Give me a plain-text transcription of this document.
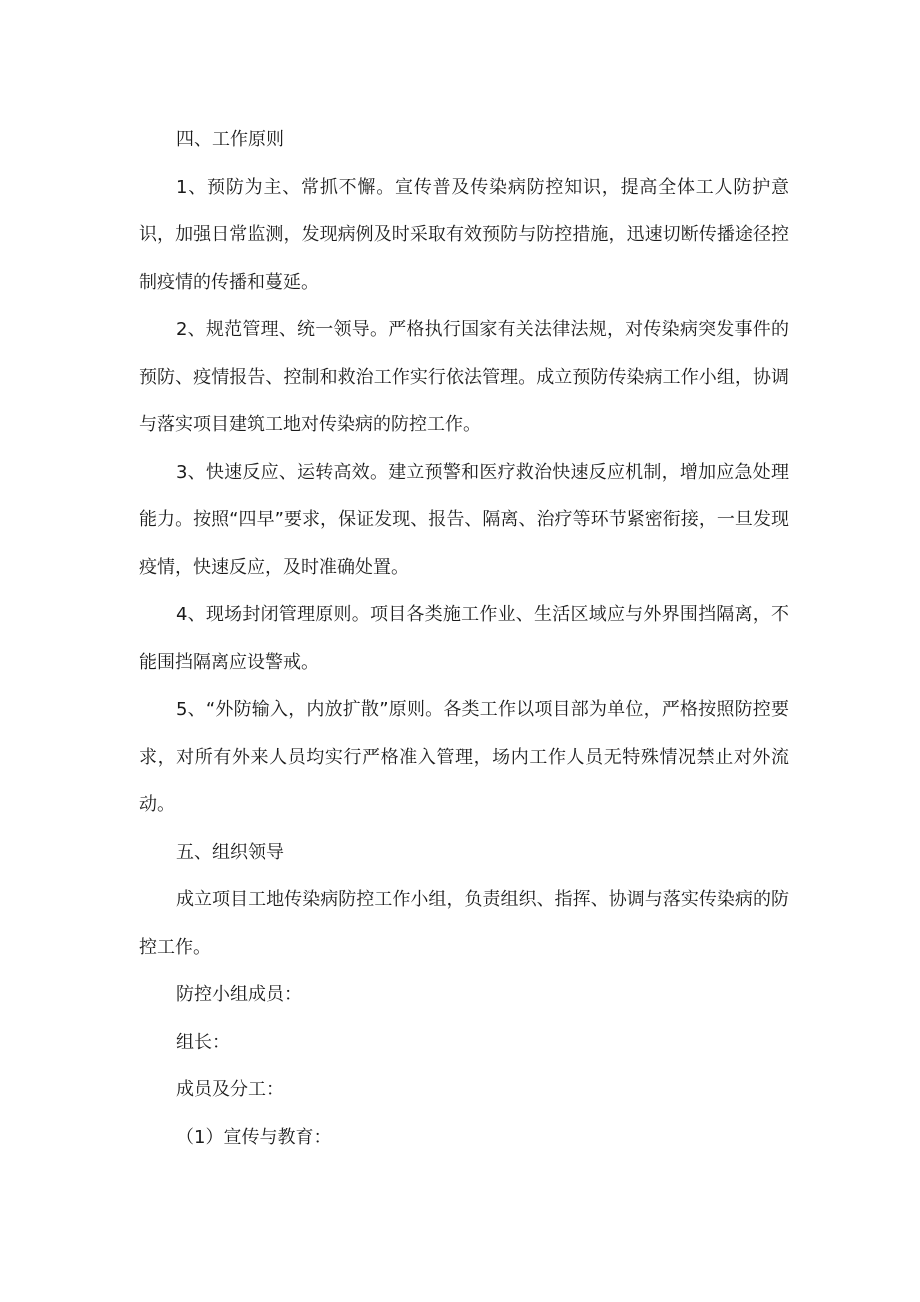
四、工作原则

1、预防为主、常抓不懈。宣传普及传染病防控知识，提高全体工人防护意识，加强日常监测，发现病例及时采取有效预防与防控措施，迅速切断传播途径控制疫情的传播和蔓延。

2、规范管理、统一领导。严格执行国家有关法律法规，对传染病突发事件的预防、疫情报告、控制和救治工作实行依法管理。成立预防传染病工作小组，协调与落实项目建筑工地对传染病的防控工作。

3、快速反应、运转高效。建立预警和医疗救治快速反应机制，增加应急处理能力。按照“四早”要求，保证发现、报告、隔离、治疗等环节紧密衔接，一旦发现疫情，快速反应，及时准确处置。

4、现场封闭管理原则。项目各类施工作业、生活区域应与外界围挡隔离，不能围挡隔离应设警戒。

5、“外防输入，内放扩散”原则。各类工作以项目部为单位，严格按照防控要求，对所有外来人员均实行严格准入管理，场内工作人员无特殊情况禁止对外流动。

五、组织领导

成立项目工地传染病防控工作小组，负责组织、指挥、协调与落实传染病的防控工作。

防控小组成员：

组长：

成员及分工：

（1）宣传与教育：
